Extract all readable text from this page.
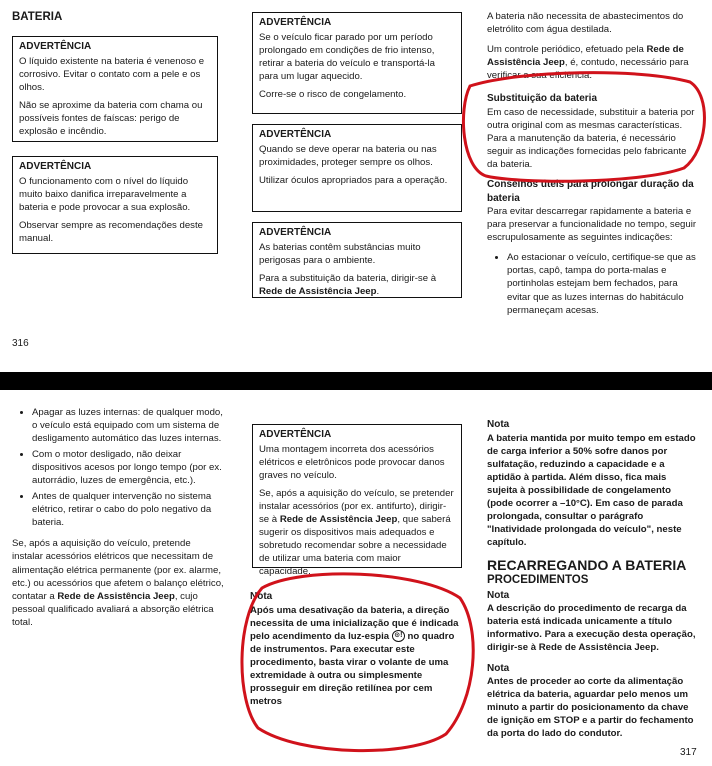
BATERIA
ADVERTÊNCIA

O líquido existente na bateria é venenoso e corrosivo. Evitar o contato com a pele e os olhos.

Não se aproxime da bateria com chama ou possíveis fontes de faíscas: perigo de explosão e incêndio.

ADVERTÊNCIA

O funcionamento com o nível do líquido muito baixo danifica irreparavelmente a bateria e pode provocar a sua explosão.

Observar sempre as recomendações deste manual.

ADVERTÊNCIA

Se o veículo ficar parado por um período prolongado em condições de frio intenso, retirar a bateria do veículo e transportá-la para um lugar aquecido.

Corre-se o risco de congelamento.

ADVERTÊNCIA

Quando se deve operar na bateria ou nas proximidades, proteger sempre os olhos.

Utilizar óculos apropriados para a operação.

ADVERTÊNCIA

As baterias contêm substâncias muito perigosas para o ambiente.

Para a substituição da bateria, dirigir-se à Rede de Assistência Jeep.

A bateria não necessita de abastecimentos do eletrólito com água destilada.

Um controle periódico, efetuado pela Rede de Assistência Jeep, é, contudo, necessário para verificar a sua eficiência.

Substituição da bateria

Em caso de necessidade, substituir a bateria por outra original com as mesmas características. Para a manutenção da bateria, é necessário seguir as indicações fornecidas pelo fabricante da bateria.

Conselhos úteis para prolongar duração da bateria

Para evitar descarregar rapidamente a bateria e para preservar a funcionalidade no tempo, seguir escrupulosamente as seguintes indicações:

• Ao estacionar o veículo, certifique-se que as portas, capô, tampa do porta-malas e portinholas estejam bem fechados, para evitar que as luzes internas do habitáculo permaneçam acesas.
316
• Apagar as luzes internas: de qualquer modo, o veículo está equipado com um sistema de desligamento automático das luzes internas.
• Com o motor desligado, não deixar dispositivos acesos por longo tempo (por ex. autorrádio, luzes de emergência, etc.).
• Antes de qualquer intervenção no sistema elétrico, retirar o cabo do polo negativo da bateria.

Se, após a aquisição do veículo, pretende instalar acessórios elétricos que necessitam de alimentação elétrica permanente (por ex. alarme, etc.) ou acessórios que afetem o balanço elétrico, contatar a Rede de Assistência Jeep, cujo pessoal qualificado avaliará a absorção elétrica total.

ADVERTÊNCIA

Uma montagem incorreta dos acessórios elétricos e eletrônicos pode provocar danos graves no veículo.

Se, após a aquisição do veículo, se pretender instalar acessórios (por ex. antifurto), dirigir-se à Rede de Assistência Jeep, que saberá sugerir os dispositivos mais adequados e sobretudo recomendar sobre a necessidade de utilizar uma bateria com maior capacidade.

Nota

Após uma desativação da bateria, a direção necessita de uma inicialização que é indicada pelo acendimento da luz-espia ⊙! no quadro de instrumentos. Para executar este procedimento, basta virar o volante de uma extremidade à outra ou simplesmente prosseguir em direção retilínea por cem metros

Nota

A bateria mantida por muito tempo em estado de carga inferior a 50% sofre danos por sulfatação, reduzindo a capacidade e a aptidão à partida. Além disso, fica mais sujeita à possibilidade de congelamento (pode ocorrer a –10°C). Em caso de parada prolongada, consultar o parágrafo "Inatividade prolongada do veículo", neste capítulo.

RECARREGANDO A BATERIA
PROCEDIMENTOS
Nota

A descrição do procedimento de recarga da bateria está indicada unicamente a título informativo. Para a execução desta operação, dirigir-se à Rede de Assistência Jeep.

Nota

Antes de proceder ao corte da alimentação elétrica da bateria, aguardar pelo menos um minuto a partir do posicionamento da chave de ignição em STOP e a partir do fechamento da porta do lado do condutor.

317
